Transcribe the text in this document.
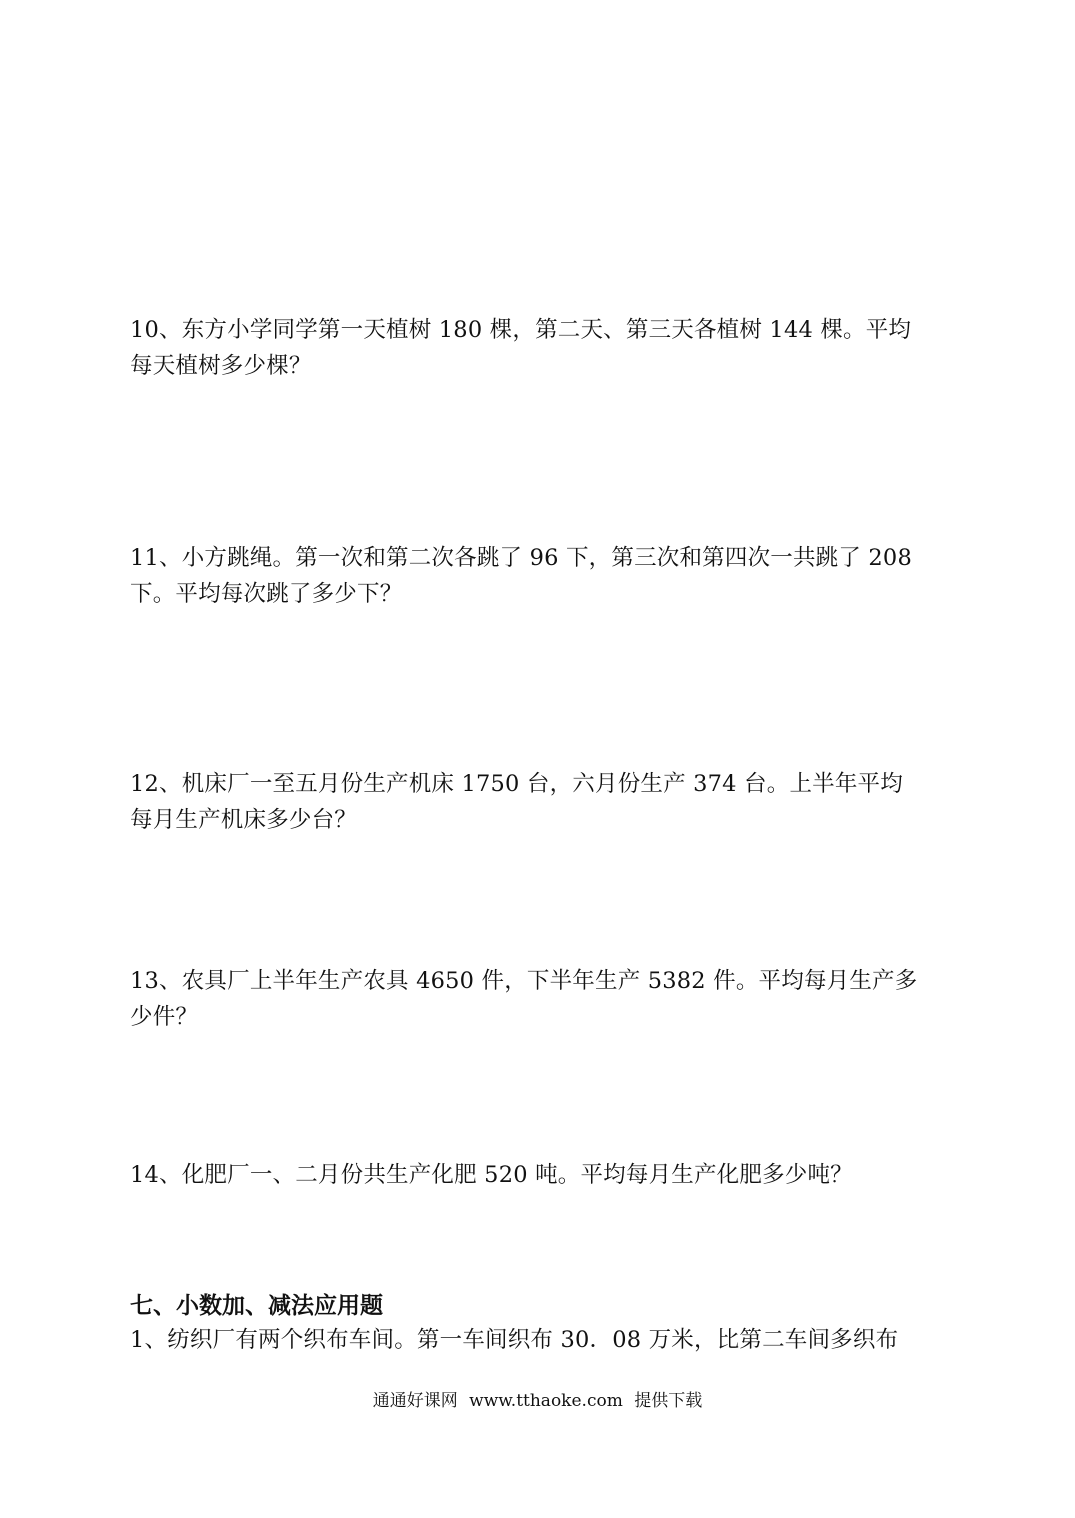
10、东方小学同学第一天植树 180 棵，第二天、第三天各植树 144 棵。平均
每天植树多少棵？
11、小方跳绳。第一次和第二次各跳了 96 下，第三次和第四次一共跳了 208
下。平均每次跳了多少下？
12、机床厂一至五月份生产机床 1750 台，六月份生产 374 台。上半年平均
每月生产机床多少台？
13、农具厂上半年生产农具 4650 件，下半年生产 5382 件。平均每月生产多
少件？
14、化肥厂一、二月份共生产化肥 520 吨。平均每月生产化肥多少吨？
七、小数加、减法应用题
1、纺织厂有两个织布车间。第一车间织布 30．08 万米，比第二车间多织布
通通好课网 www.tthaoke.com 提供下载
